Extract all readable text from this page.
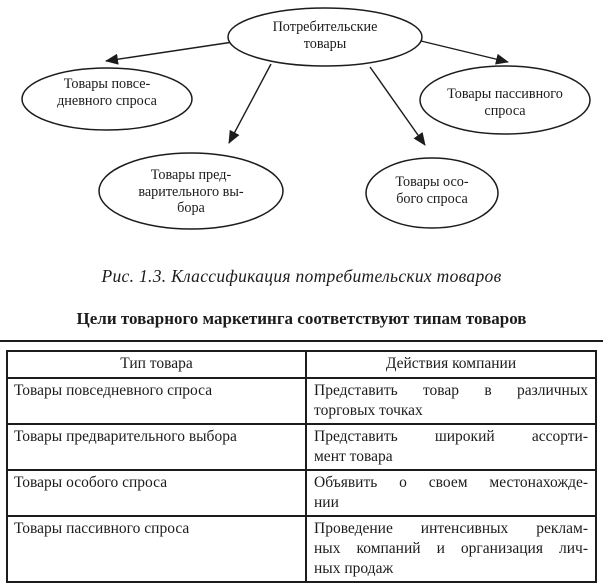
Потребительские
товары
Товары повсе-
дневного спроса
Товары пред-
варительного вы-
бора
Товары осо-
бого спроса
Товары пассивного
спроса
Рис. 1.3. Классификация потребительских товаров
Цели товарного маркетинга соответствуют типам товаров
Тип товара	Действия компании
Товары повседневного спроса	Представить товар в различных
торговых точках

Товары предварительного выбора	Представить широкий ассорти-
мент товара

Товары особого спроса	Объявить о своем местонахожде-
нии

Товары пассивного спроса	Проведение интенсивных реклам-
ных компаний и организация лич-
ных продаж
